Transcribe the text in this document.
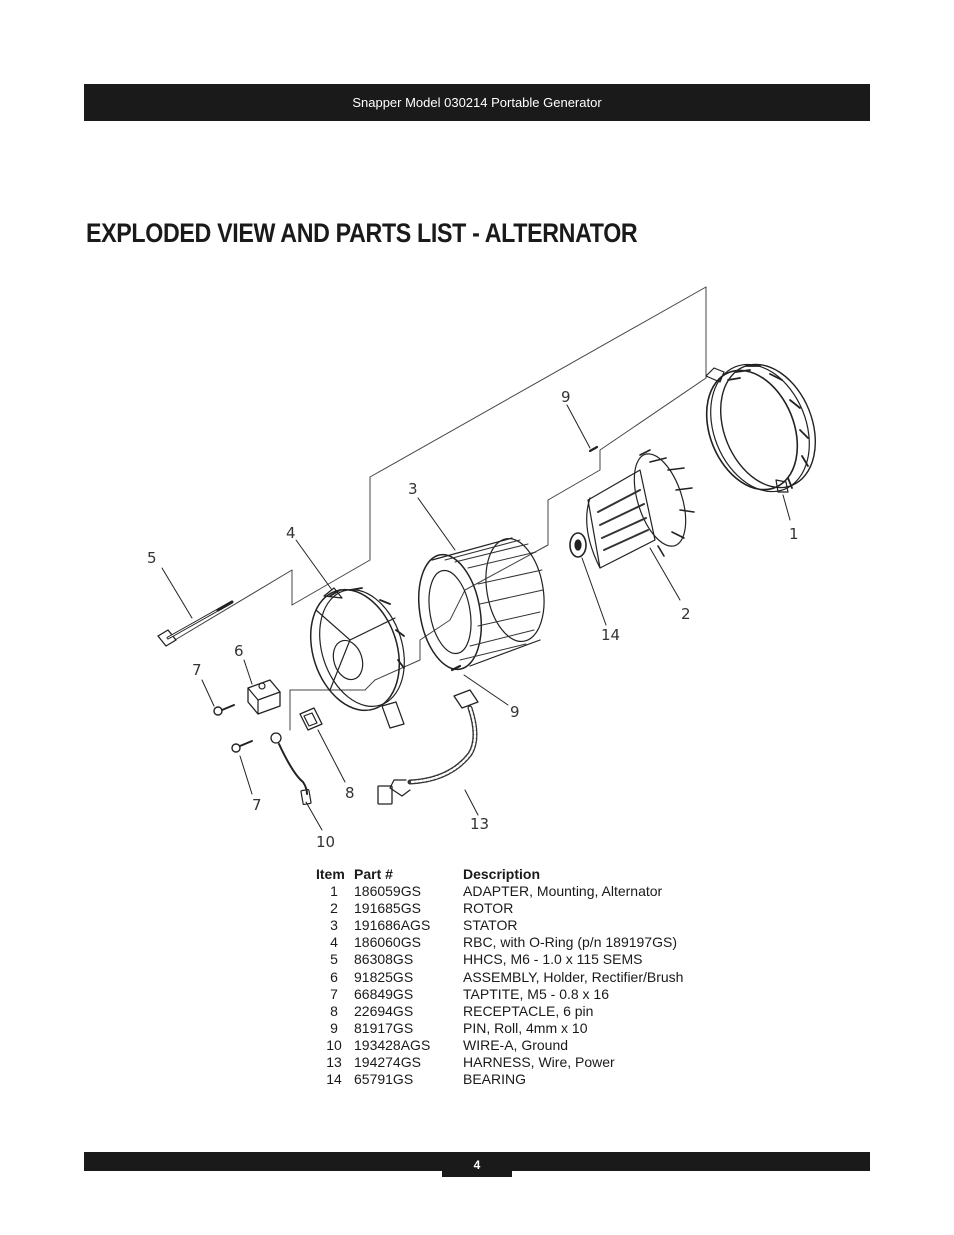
Snapper Model 030214 Portable Generator
EXPLODED VIEW AND PARTS LIST - ALTERNATOR
1
2
3
4
5
6
7
7
8
9
9
10
13
14
Item	Part #	Description
1	186059GS	ADAPTER, Mounting, Alternator
2	191685GS	ROTOR
3	191686AGS	STATOR
4	186060GS	RBC, with O-Ring (p/n 189197GS)
5	86308GS	HHCS, M6 - 1.0 x 115 SEMS
6	91825GS	ASSEMBLY, Holder, Rectifier/Brush
7	66849GS	TAPTITE, M5 - 0.8 x 16
8	22694GS	RECEPTACLE, 6 pin
9	81917GS	PIN, Roll, 4mm x 10
10	193428AGS	WIRE-A, Ground
13	194274GS	HARNESS, Wire, Power
14	65791GS	BEARING
4
